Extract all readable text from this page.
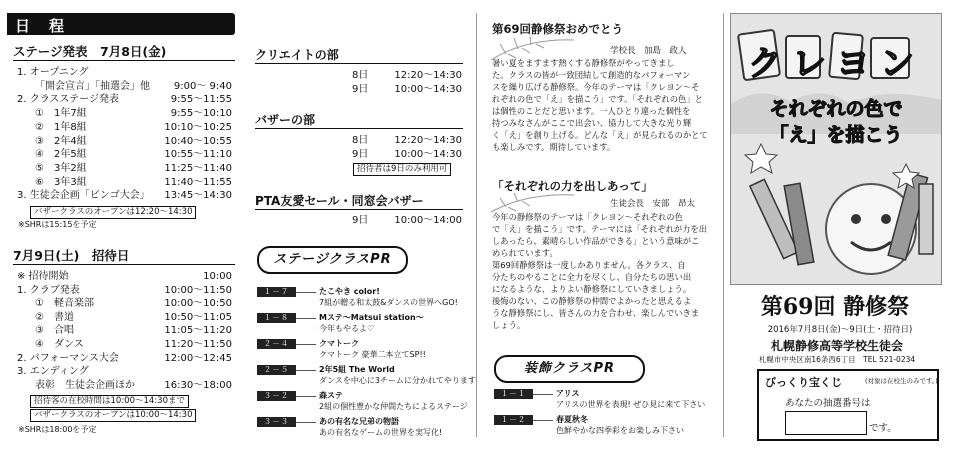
日　程
ステージ発表　7月8日(金)
バザークラスのオープンは12:20〜14:30
※SHRは15:15を予定
7月9日(土)　招待日
招待客の在校時間は10:00〜14:30まで
バザークラスのオープンは10:00〜14:30
※SHRは18:00を予定
クリエイトの部
バザーの部
招待者は9日のみ利用可
PTA友愛セール・同窓会バザー
ステージクラスPR
第69回静修祭おめでとう
学校長　加島　政人
「それぞれの力を出しあって」
生徒会長　安部　昂太
装飾クラスPR
クレヨン
それぞれの色で
「え」を描こう
第69回 静修祭
2016年7月8日(金)〜9日(土・招待日)
札幌静修高等学校生徒会
札幌市中央区南16条西6丁目　TEL 521-0234
びっくり宝くじ	(対象は在校生のみです。)
あなたの抽選番号は
です。
1. オープニング
「開会宣言」「抽選会」他	9:00〜 9:40
2. クラスステージ発表	9:55〜11:55
①　1年7組	9:55〜10:10
②　1年8組	10:10〜10:25
③　2年4組	10:40〜10:55
④　2年5組	10:55〜11:10
⑤　3年2組	11:25〜11:40
⑥　3年3組	11:40〜11:55
3. 生徒会企画「ビンゴ大会」	13:45〜14:30
※ 招待開始	10:00
1. クラブ発表	10:00〜11:50
①　軽音楽部	10:00〜10:50
②　書道	10:50〜11:05
③　合唱	11:05〜11:20
④　ダンス	11:20〜11:50
2. パフォーマンス大会	12:00〜12:45
3. エンディング
表彰　生徒会企画ほか	16:30〜18:00
8日	12:20〜14:30
9日	10:00〜14:30
8日	12:20〜14:30
9日	10:00〜14:30
9日	10:00〜14:00
１－７	たこやき color!
7組が贈る和太鼓&ダンスの世界へGO!
１－８	Mステ〜Matsui station〜
今年もやるよ♡
２－４	クマトーク
クマトーク 豪華二本立てSP!!
２－５	2年5組 The World
ダンスを中心に3チームに分かれてやります
３－２	森ステ
2組の個性豊かな仲間たちによるステージ
３－３	あの有名な兄弟の物語
あの有名なゲームの世界を実写化!
１－１	アリス
アリスの世界を表現! ぜひ見に来て下さい
１－２	春夏秋冬
色鮮やかな四季彩をお楽しみ下さい
暑い夏をますます熱くする静修祭がやってきまし
た。クラスの皆が一致団結して創造的なパフォーマン
スを繰り広げる静修祭。今年のテーマは「クレヨン〜そ
れぞれの色で「え」を描こう」です。「それぞれの色」と
は個性のことだと思います。一人ひとり違った個性を
持つみなさんがここで出会い、協力して大きな光り輝
く「え」を創り上げる。どんな「え」が見られるのかとて
も楽しみです。期待しています。
今年の静修祭のテーマは「クレヨン〜それぞれの色
で「え」を描こう」です。テーマには「それぞれが力を出
しあったら、素晴らしい作品ができる」という意味がこ
められています。
第69回静修祭は一度しかありません。各クラス、自
分たちのやることに全力を尽くし、自分たちの思い出
になるような、よりよい静修祭にしていきましょう。
後悔のない、この静修祭の仲間でよかったと思えるよ
うな静修祭にし、皆さんの力を合わせ、楽しんでいきま
しょう。
